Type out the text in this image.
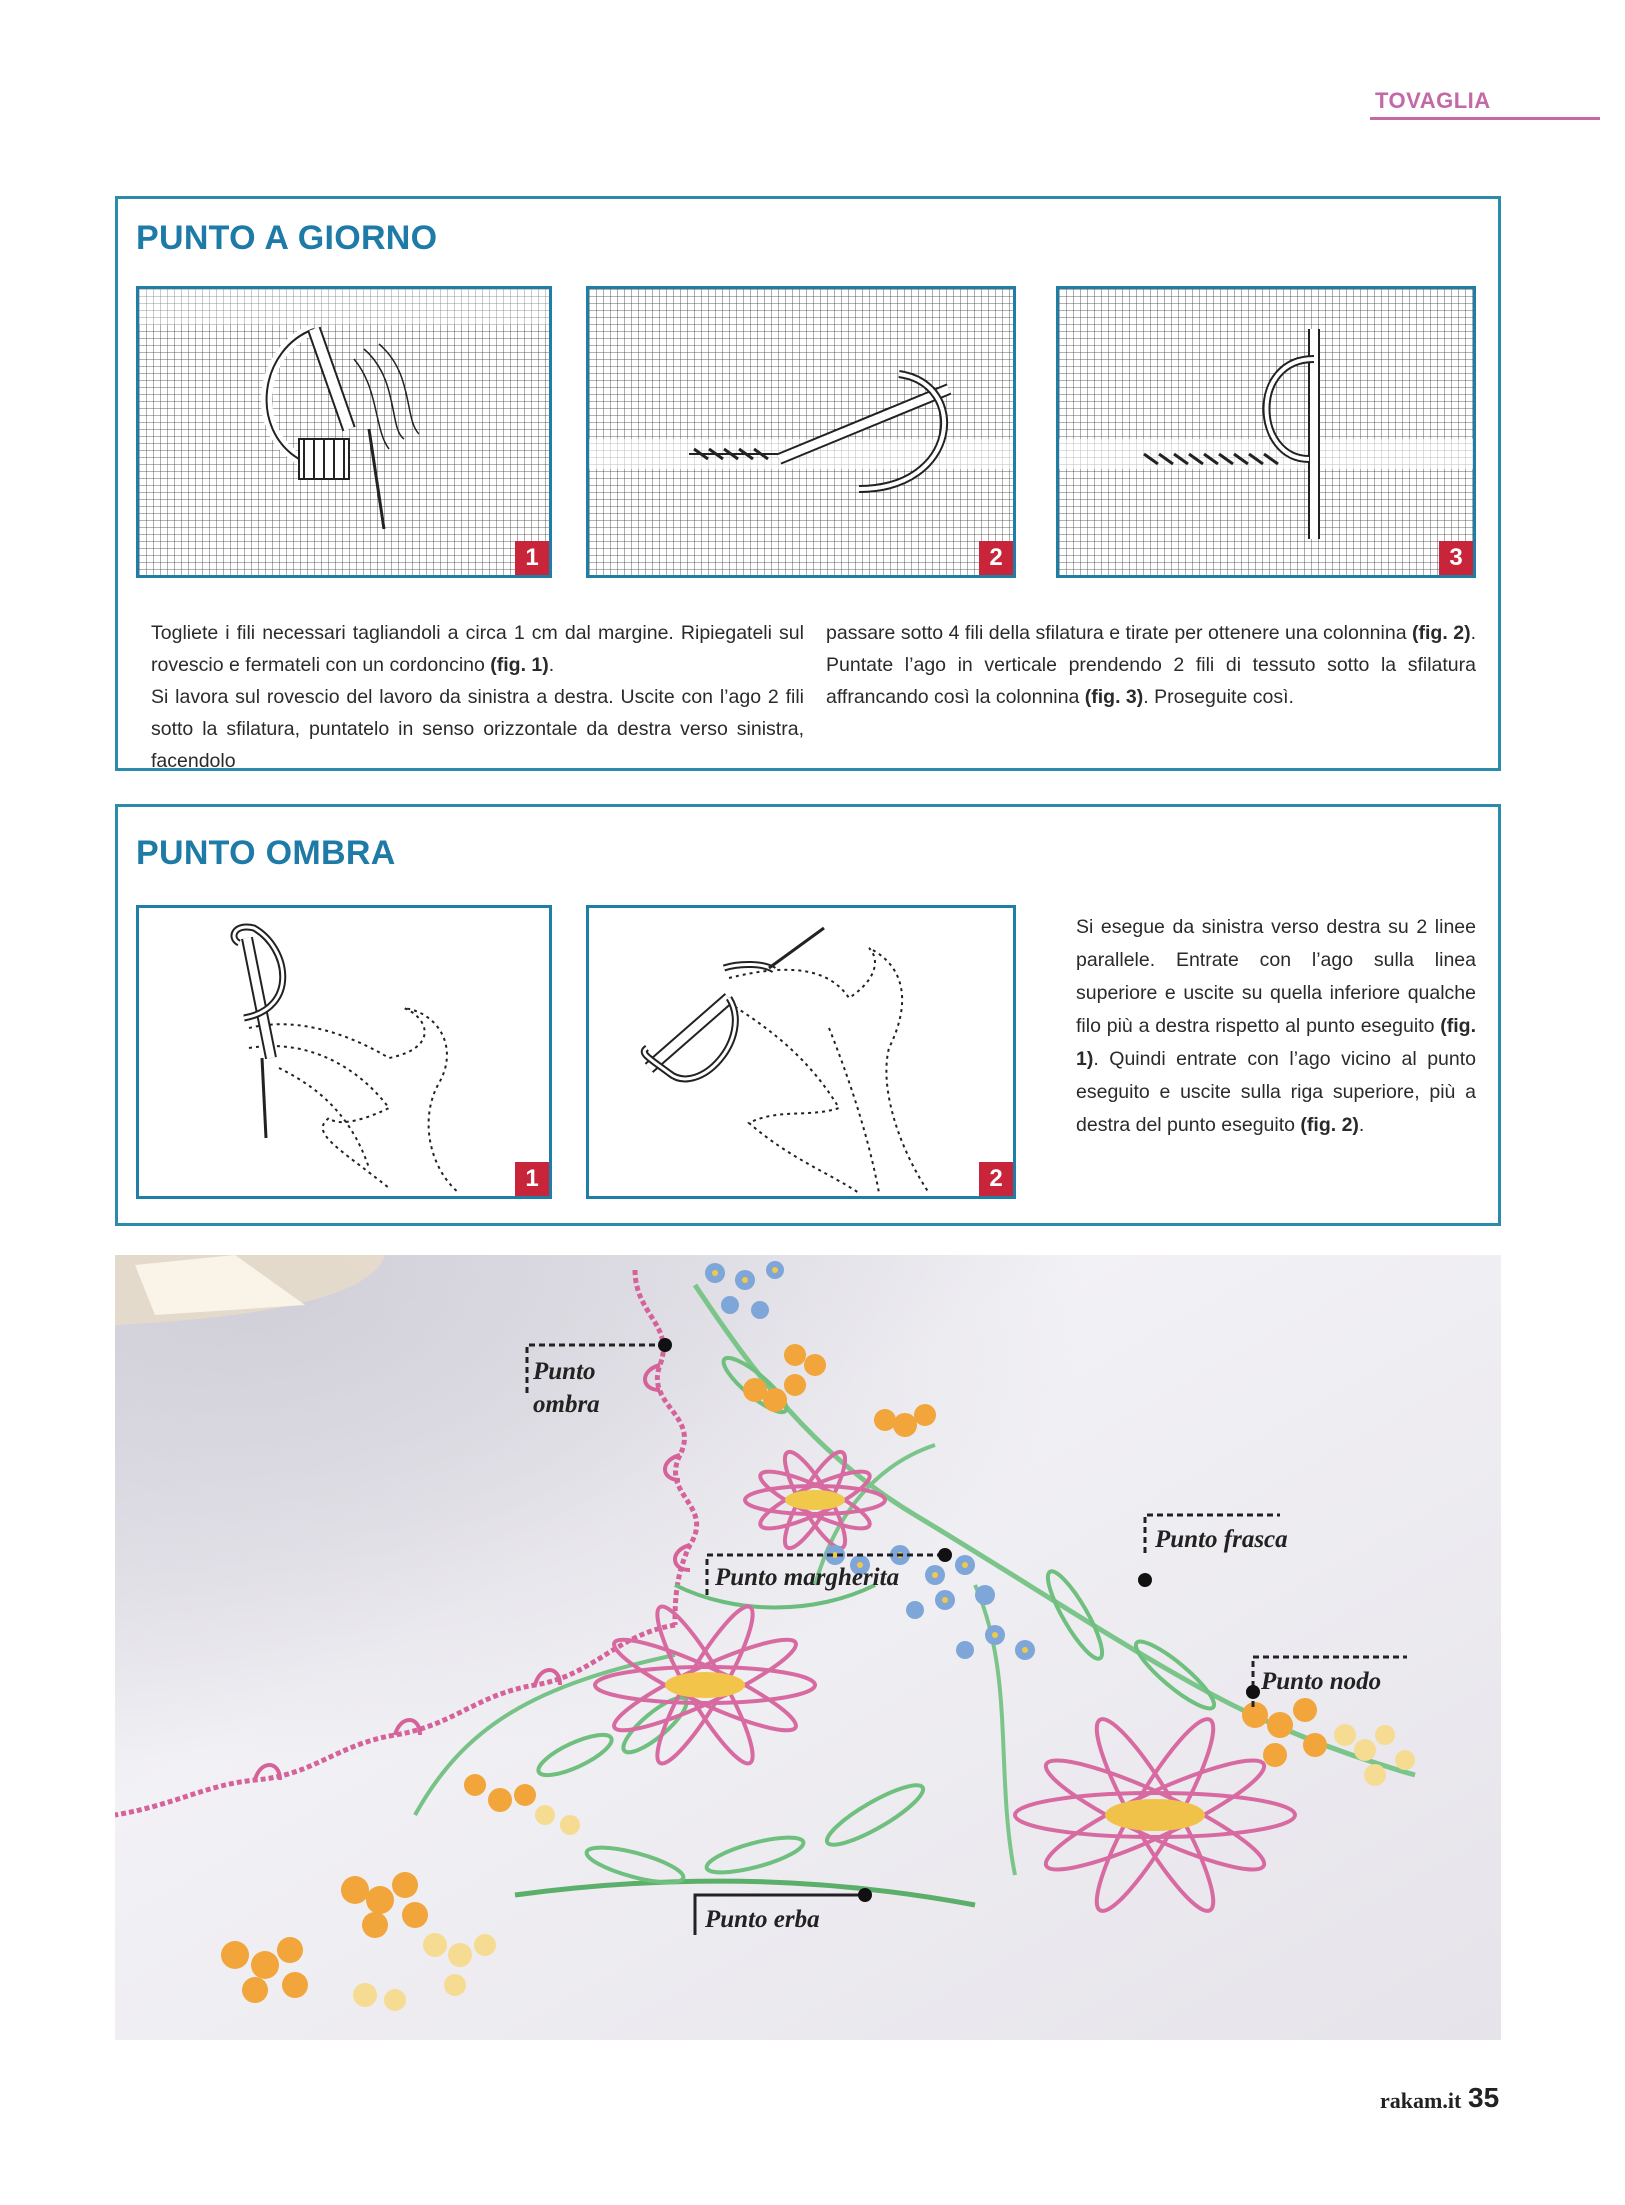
TOVAGLIA
PUNTO A GIORNO
1	2	3

Togliete i fili necessari tagliandoli a circa 1 cm dal margine. Ripiegateli sul rovescio e fermateli con un cordoncino (fig. 1).

Si lavora sul rovescio del lavoro da sinistra a destra. Uscite con l’ago 2 fili sotto la sfilatura, puntatelo in senso orizzontale da destra verso sinistra, facendolo

passare sotto 4 fili della sfilatura e tirate per ottenere una colonnina (fig. 2). Puntate l’ago in verticale prendendo 2 fili di tessuto sotto la sfilatura affrancando così la colonnina (fig. 3). Proseguite così.

PUNTO OMBRA
1	2

Si esegue da sinistra verso destra su 2 linee parallele. Entrate con l’ago sulla linea superiore e uscite su quella inferiore qualche filo più a destra rispetto al punto eseguito (fig. 1). Quindi entrate con l’ago vicino al punto eseguito e uscite sulla riga superiore, più a destra del punto eseguito (fig. 2).

Punto
ombra
Punto margherita
Punto frasca
Punto nodo
Punto erba
rakam.it 35
